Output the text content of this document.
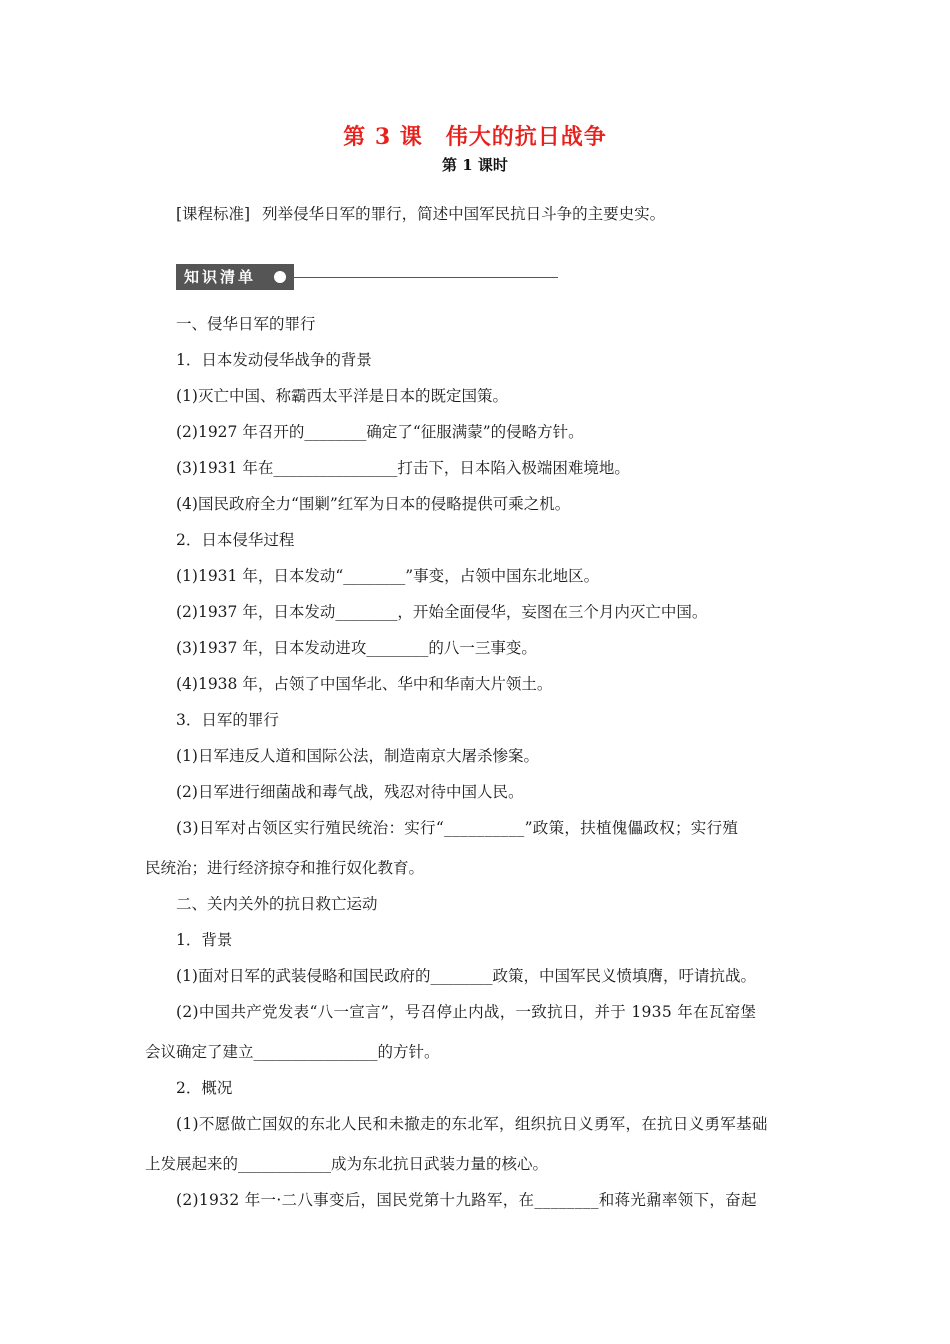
第 3 课　伟大的抗日战争
第 1 课时
[课程标准] 列举侵华日军的罪行，简述中国军民抗日斗争的主要史实。
知识清单
一、侵华日军的罪行
1．日本发动侵华战争的背景
(1)灭亡中国、称霸西太平洋是日本的既定国策。
(2)1927 年召开的________确定了“征服满蒙”的侵略方针。
(3)1931 年在________________打击下，日本陷入极端困难境地。
(4)国民政府全力“围剿”红军为日本的侵略提供可乘之机。
2．日本侵华过程
(1)1931 年，日本发动“________”事变，占领中国东北地区。
(2)1937 年，日本发动________，开始全面侵华，妄图在三个月内灭亡中国。
(3)1937 年，日本发动进攻________的八一三事变。
(4)1938 年，占领了中国华北、华中和华南大片领土。
3．日军的罪行
(1)日军违反人道和国际公法，制造南京大屠杀惨案。
(2)日军进行细菌战和毒气战，残忍对待中国人民。
(3)日军对占领区实行殖民统治：实行“__________”政策，扶植傀儡政权；实行殖
民统治；进行经济掠夺和推行奴化教育。
二、关内关外的抗日救亡运动
1．背景
(1)面对日军的武装侵略和国民政府的________政策，中国军民义愤填膺，吁请抗战。
(2)中国共产党发表“八一宣言”，号召停止内战，一致抗日，并于 1935 年在瓦窑堡
会议确定了建立________________的方针。
2．概况
(1)不愿做亡国奴的东北人民和未撤走的东北军，组织抗日义勇军，在抗日义勇军基础
上发展起来的____________成为东北抗日武装力量的核心。
(2)1932 年一·二八事变后，国民党第十九路军，在________和蒋光鼐率领下，奋起
